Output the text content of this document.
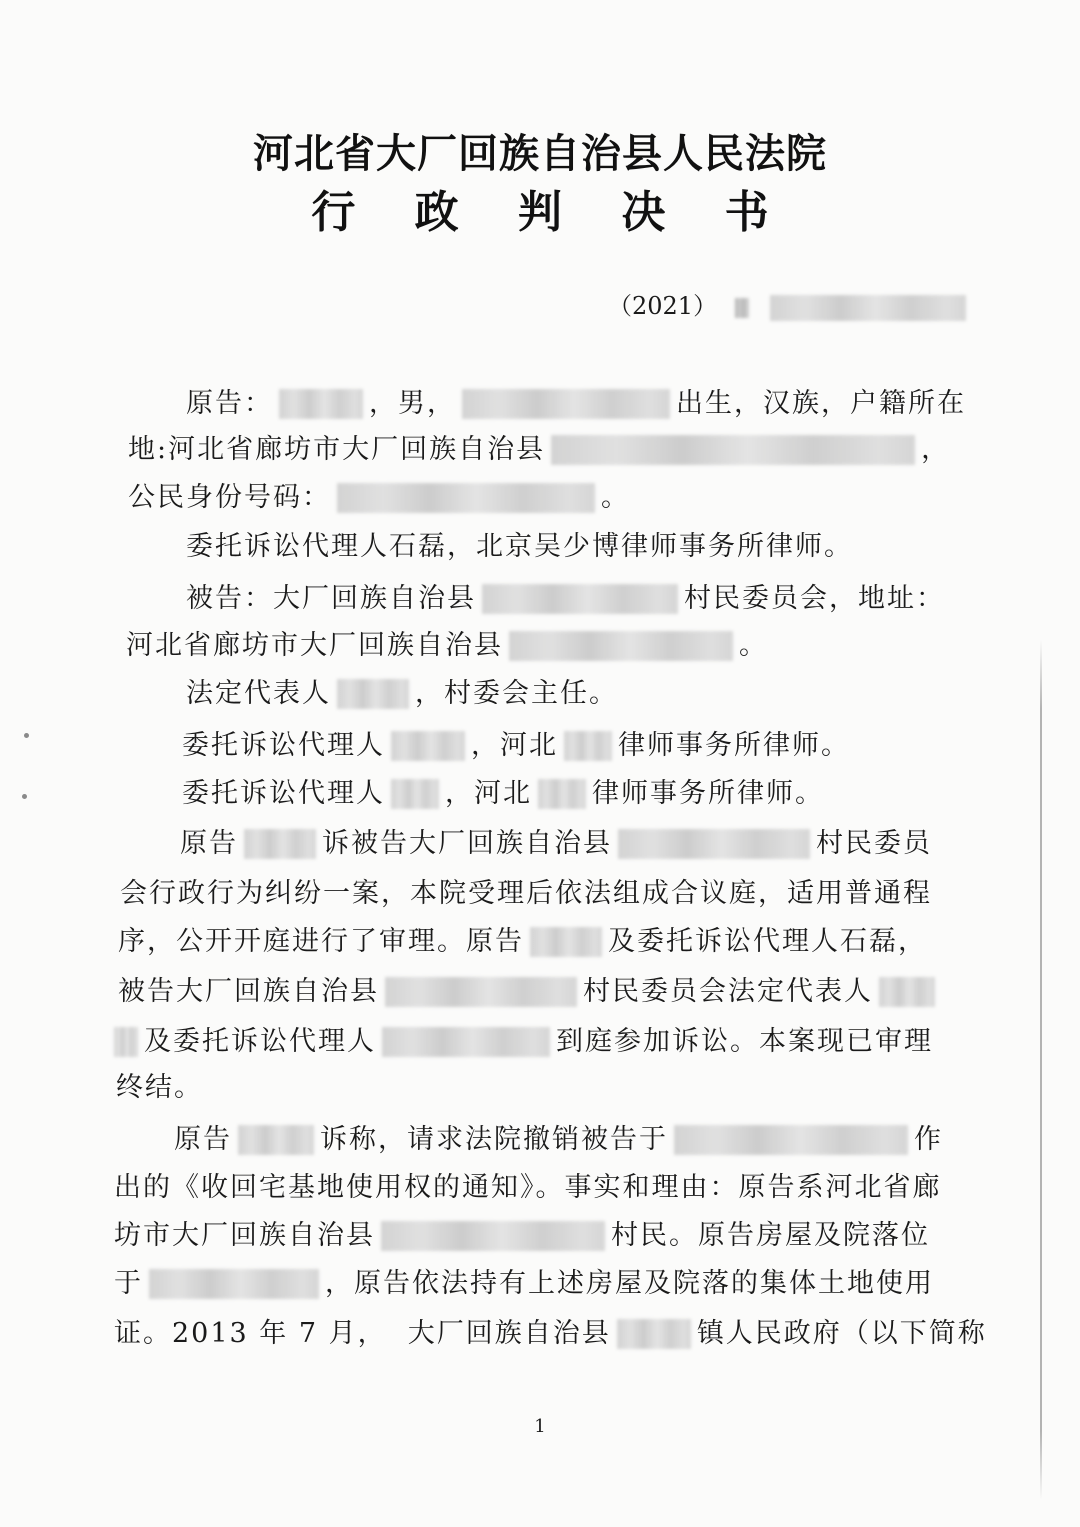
河北省大厂回族自治县人民法院
行 政 判 决 书
（2021）
原告：	，男，	出生，汉族，户籍所在
地:河北省廊坊市大厂回族自治县	，
公民身份号码：	。
委托诉讼代理人石磊，北京吴少博律师事务所律师。
被告：大厂回族自治县	村民委员会，地址：
河北省廊坊市大厂回族自治县	。
法定代表人	，村委会主任。
委托诉讼代理人	，河北 律师事务所律师。
委托诉讼代理人 ，河北 律师事务所律师。
原告	诉被告大厂回族自治县	村民委员
会行政行为纠纷一案，本院受理后依法组成合议庭，适用普通程
序，公开开庭进行了审理。原告	及委托诉讼代理人石磊，
被告大厂回族自治县	村民委员会法定代表人
及委托诉讼代理人	到庭参加诉讼。本案现已审理
终结。
原告	诉称，请求法院撤销被告于	作
出的《收回宅基地使用权的通知》。事实和理由：原告系河北省廊
坊市大厂回族自治县	村民。原告房屋及院落位
于	，原告依法持有上述房屋及院落的集体土地使用
证。2013 年 7 月，  大厂回族自治县	镇人民政府（以下简称
1
